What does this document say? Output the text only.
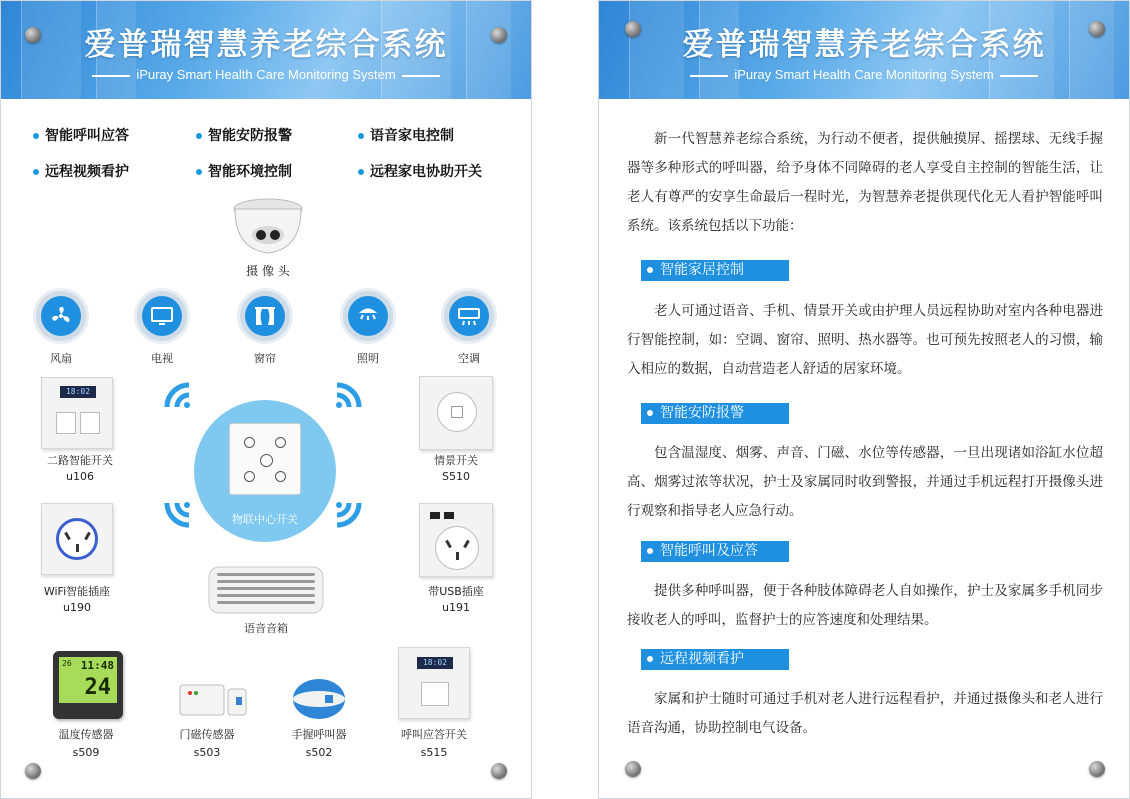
爱普瑞智慧养老综合系统
iPuray Smart Health Care Monitoring System
智能呼叫应答	智能安防报警	语音家电控制
远程视频看护	智能环境控制	远程家电协助开关
摄 像 头
风扇	电视	窗帘	照明	空调
18:02
二路智能开关
u106
情景开关
S510
物联中心开关
WiFi智能插座
u190
带USB插座
u191
语音音箱
26 11:48
24
温度传感器
s509
门磁传感器
s503
手握呼叫器
s502
18:02
呼叫应答开关
s515
爱普瑞智慧养老综合系统
iPuray Smart Health Care Monitoring System
新一代智慧养老综合系统，为行动不便者，提供触摸屏、摇摆球、无线手握器等多种形式的呼叫器，给予身体不同障碍的老人享受自主控制的智能生活，让老人有尊严的安享生命最后一程时光，为智慧养老提供现代化无人看护智能呼叫系统。该系统包括以下功能：
智能家居控制
老人可通过语音、手机、情景开关或由护理人员远程协助对室内各种电器进行智能控制，如：空调、窗帘、照明、热水器等。也可预先按照老人的习惯，输入相应的数据，自动营造老人舒适的居家环境。
智能安防报警
包含温湿度、烟雾、声音、门磁、水位等传感器，一旦出现诸如浴缸水位超高、烟雾过浓等状况，护士及家属同时收到警报，并通过手机远程打开摄像头进行观察和指导老人应急行动。
智能呼叫及应答
提供多种呼叫器，便于各种肢体障碍老人自如操作，护士及家属多手机同步接收老人的呼叫，监督护士的应答速度和处理结果。
远程视频看护
家属和护士随时可通过手机对老人进行远程看护，并通过摄像头和老人进行语音沟通，协助控制电气设备。
